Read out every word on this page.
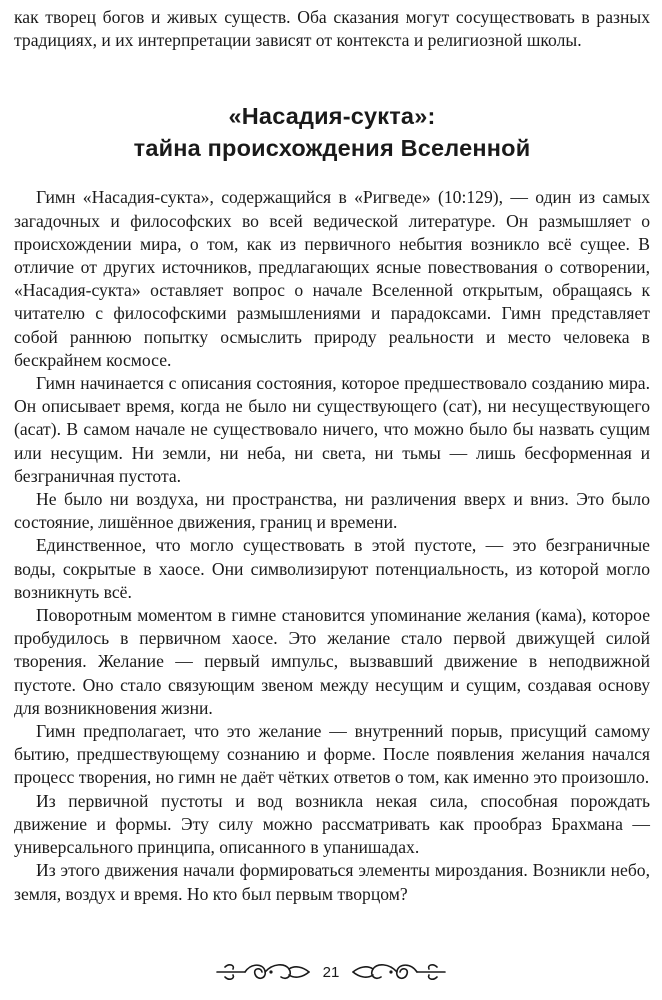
как творец богов и живых существ. Оба сказания могут сосуществовать в разных традициях, и их интерпретации зависят от контекста и религиозной школы.

«Насадия-сукта»:
тайна происхождения Вселенной

Гимн «Насадия-сукта», содержащийся в «Ригведе» (10:129), — один из самых загадочных и философских во всей ведической литературе. Он размышляет о происхождении мира, о том, как из первичного небытия возникло всё сущее. В отличие от других источников, предлагающих ясные повествования о сотворении, «Насадия-сукта» оставляет вопрос о начале Вселенной открытым, обращаясь к читателю с философскими размышлениями и парадоксами. Гимн представляет собой раннюю попытку осмыслить природу реальности и место человека в бескрайнем космосе.

Гимн начинается с описания состояния, которое предшествовало созданию мира. Он описывает время, когда не было ни существующего (сат), ни несуществующего (асат). В самом начале не существовало ничего, что можно было бы назвать сущим или несущим. Ни земли, ни неба, ни света, ни тьмы — лишь бесформенная и безграничная пустота.

Не было ни воздуха, ни пространства, ни различения вверх и вниз. Это было состояние, лишённое движения, границ и времени.

Единственное, что могло существовать в этой пустоте, — это безграничные воды, сокрытые в хаосе. Они символизируют потенциальность, из которой могло возникнуть всё.

Поворотным моментом в гимне становится упоминание желания (кама), которое пробудилось в первичном хаосе. Это желание стало первой движущей силой творения. Желание — первый импульс, вызвавший движение в неподвижной пустоте. Оно стало связующим звеном между несущим и сущим, создавая основу для возникновения жизни.

Гимн предполагает, что это желание — внутренний порыв, присущий самому бытию, предшествующему сознанию и форме. После появления желания начался процесс творения, но гимн не даёт чётких ответов о том, как именно это произошло.

Из первичной пустоты и вод возникла некая сила, способная порождать движение и формы. Эту силу можно рассматривать как прообраз Брахмана — универсального принципа, описанного в упанишадах.

Из этого движения начали формироваться элементы мироздания. Возникли небо, земля, воздух и время. Но кто был первым творцом?

21
